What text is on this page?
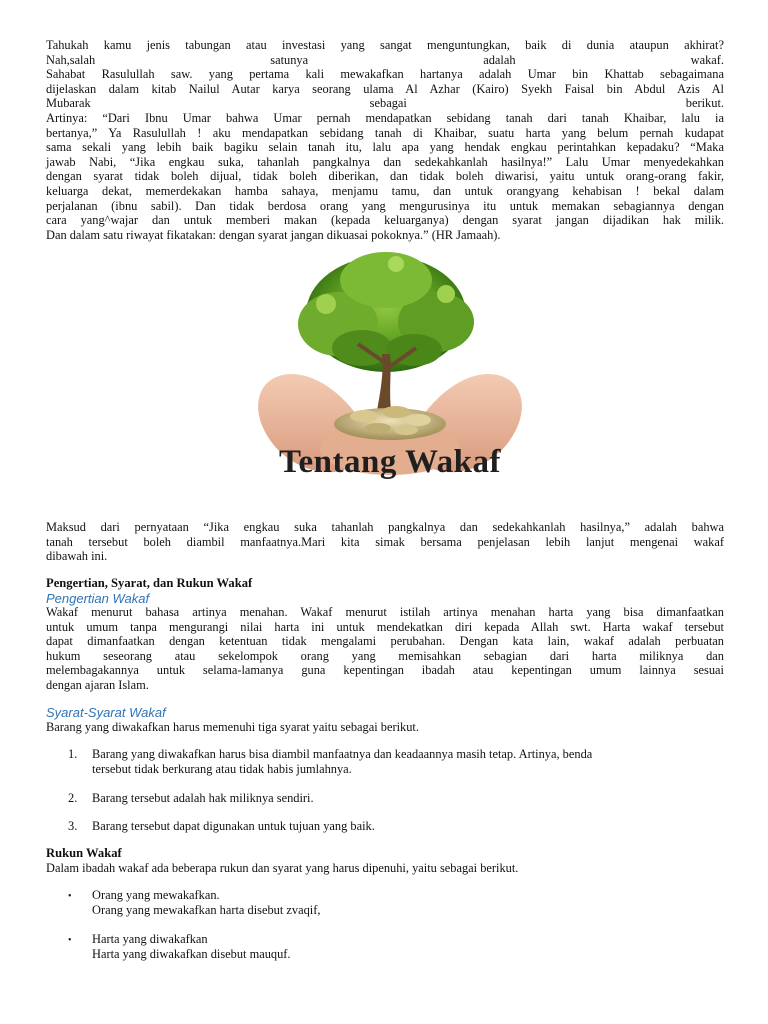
Tahukah kamu jenis tabungan atau investasi yang sangat menguntungkan, baik di dunia ataupun akhirat?
Nah,salah satunya adalah wakaf.
Sahabat Rasulullah saw. yang pertama kali mewakafkan hartanya adalah Umar bin Khattab sebagaimana
dijelaskan dalam kitab Nailul Autar karya seorang ulama Al Azhar (Kairo) Syekh Faisal bin Abdul Azis Al
Mubarak sebagai berikut.
Artinya: “Dari Ibnu Umar bahwa Umar pernah mendapatkan sebidang tanah dari tanah Khaibar, lalu ia
bertanya,” Ya Rasulullah ! aku mendapatkan sebidang tanah di Khaibar, suatu harta yang belum pernah kudapat
sama sekali yang lebih baik bagiku selain tanah itu, lalu apa yang hendak engkau perintahkan kepadaku? “Maka
jawab Nabi, “Jika engkau suka, tahanlah pangkalnya dan sedekahkanlah hasilnya!” Lalu Umar menyedekahkan
dengan syarat tidak boleh dijual, tidak boleh diberikan, dan tidak boleh diwarisi, yaitu untuk orang-orang fakir,
keluarga dekat, memerdekakan hamba sahaya, menjamu tamu, dan untuk orangyang kehabisan ! bekal dalam
perjalanan (ibnu sabil). Dan tidak berdosa orang yang mengurusinya itu untuk memakan sebagiannya dengan
cara yang^wajar dan untuk memberi makan (kepada keluarganya) dengan syarat jangan dijadikan hak milik.
Dan dalam satu riwayat fikatakan: dengan syarat jangan dikuasai pokoknya.” (HR Jamaah).
Tentang Wakaf
Maksud dari pernyataan “Jika engkau suka tahanlah pangkalnya dan sedekahkanlah hasilnya,” adalah bahwa
tanah tersebut boleh diambil manfaatnya.Mari kita simak bersama penjelasan lebih lanjut mengenai wakaf
dibawah ini.
Pengertian, Syarat, dan Rukun Wakaf
Pengertian Wakaf
Wakaf menurut bahasa artinya menahan. Wakaf menurut istilah artinya menahan harta yang bisa dimanfaatkan
untuk umum tanpa mengurangi nilai harta ini untuk mendekatkan diri kepada Allah swt. Harta wakaf tersebut
dapat dimanfaatkan dengan ketentuan tidak mengalami perubahan. Dengan kata lain, wakaf adalah perbuatan
hukum seseorang atau sekelompok orang yang memisahkan sebagian dari harta miliknya dan
melembagakannya untuk selama-lamanya guna kepentingan ibadah atau kepentingan umum lainnya sesuai
dengan ajaran Islam.
Syarat-Syarat Wakaf
Barang yang diwakafkan harus memenuhi tiga syarat yaitu sebagai berikut.
1. Barang yang diwakafkan harus bisa diambil manfaatnya dan keadaannya masih tetap. Artinya, benda
tersebut tidak berkurang atau tidak habis jumlahnya.
2. Barang tersebut adalah hak miliknya sendiri.
3. Barang tersebut dapat digunakan untuk tujuan yang baik.
Rukun Wakaf
Dalam ibadah wakaf ada beberapa rukun dan syarat yang harus dipenuhi, yaitu sebagai berikut.
• Orang yang mewakafkan.
Orang yang mewakafkan harta disebut zvaqif,
• Harta yang diwakafkan
Harta yang diwakafkan disebut mauquf.
